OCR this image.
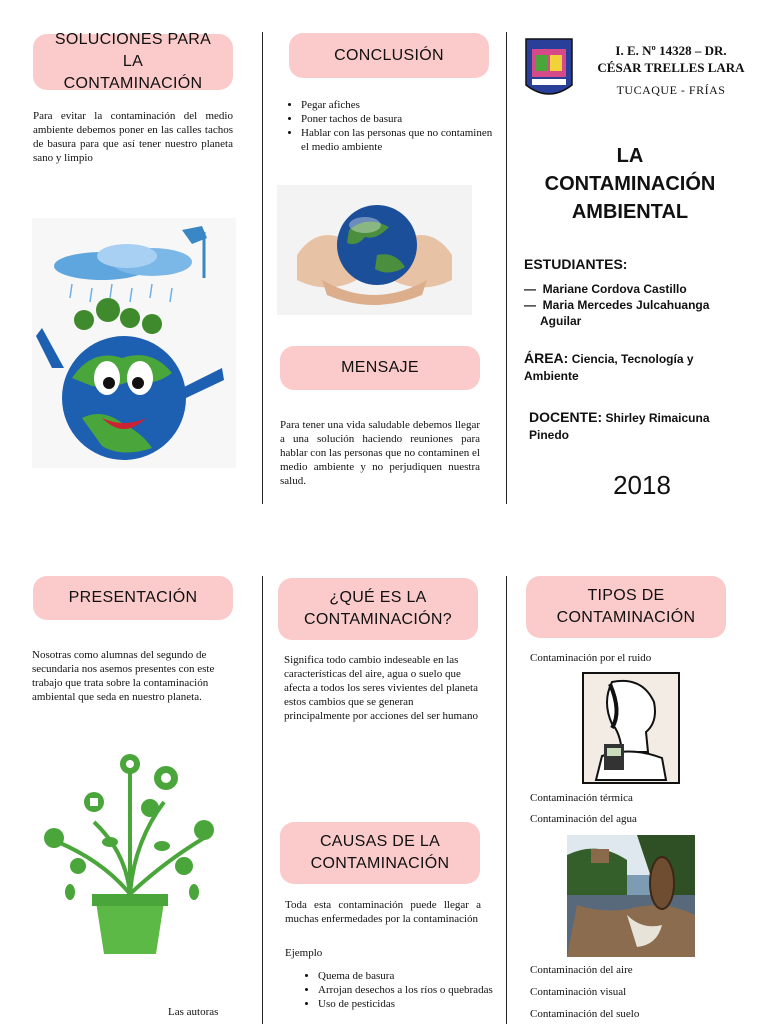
SOLUCIONES PARA LA CONTAMINACIÓN
Para evitar la contaminación del medio ambiente debemos poner en las calles tachos de basura para que así tener nuestro planeta sano y limpio
CONCLUSIÓN
• Pegar afiches
• Poner tachos de basura
• Hablar con las personas que no contaminen el medio ambiente
MENSAJE
Para tener una vida saludable debemos llegar a una solución haciendo reuniones para hablar con las personas que no contaminen el medio ambiente y no perjudiquen nuestra salud.
I. E. Nº 14328 – DR.
CÉSAR TRELLES LARA
TUCAQUE - FRÍAS
LA
CONTAMINACIÓN
AMBIENTAL
ESTUDIANTES:
—  Mariane Cordova Castillo
—  Maria Mercedes Julcahuanga
Aguilar
ÁREA: Ciencia, Tecnología y Ambiente
DOCENTE: Shirley Rimaicuna Pinedo
2018
PRESENTACIÓN
Nosotras como alumnas del segundo de secundaria nos asemos presentes con este trabajo que trata sobre la contaminación ambiental que seda en nuestro planeta.
Las autoras
¿QUÉ ES LA CONTAMINACIÓN?
Significa todo cambio indeseable en las características del aire, agua o suelo que afecta a todos los seres vivientes del planeta estos cambios que se generan principalmente por acciones del ser humano
CAUSAS DE LA CONTAMINACIÓN
Toda esta contaminación puede llegar a muchas enfermedades por la contaminación
Ejemplo
• Quema de basura
• Arrojan desechos a los ríos o quebradas
• Uso de pesticidas
TIPOS DE CONTAMINACIÓN
Contaminación por el ruido
Contaminación térmica
Contaminación del agua
Contaminación del aire
Contaminación visual
Contaminación del suelo
